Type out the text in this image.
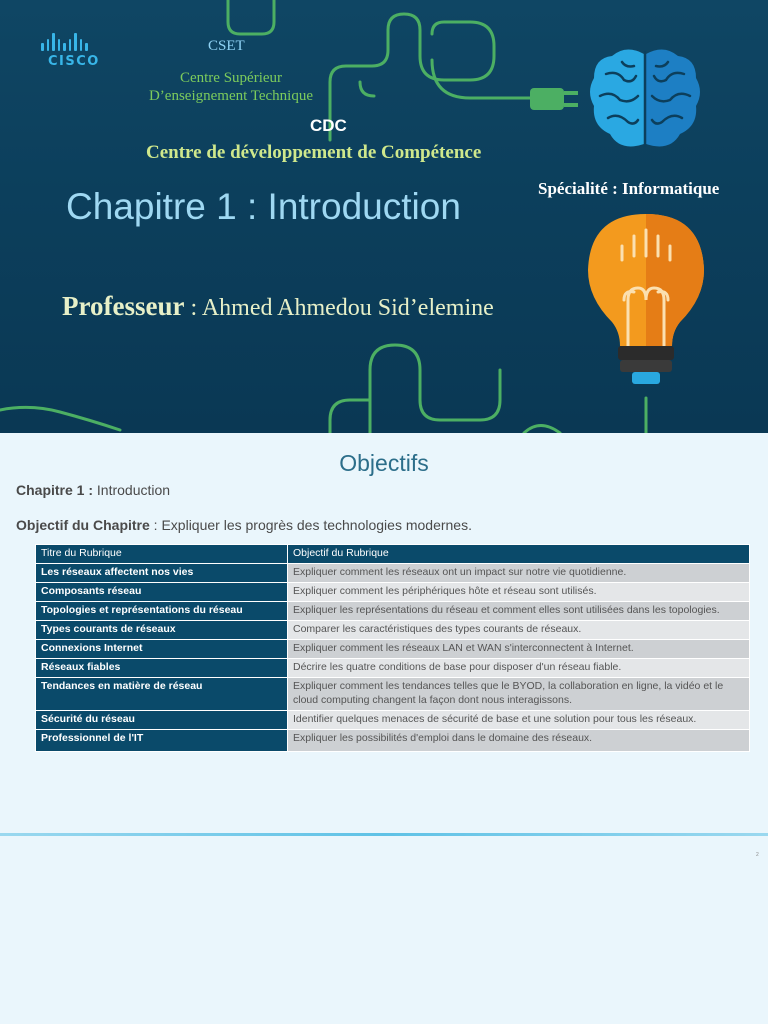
CISCO
CSET
Centre Supérieur
D’enseignement Technique
CDC
Centre de développement de Compétence
Spécialité : Informatique
Chapitre 1 : Introduction
Professeur : Ahmed Ahmedou Sid’elemine
Objectifs
Chapitre 1 : Introduction
Objectif du Chapitre : Expliquer les progrès des technologies modernes.
Titre du Rubrique	Objectif du Rubrique
Les réseaux affectent nos vies	Expliquer comment les réseaux ont un impact sur notre vie quotidienne.
Composants réseau	Expliquer comment les périphériques hôte et réseau sont utilisés.
Topologies et représentations du réseau	Expliquer les représentations du réseau et comment elles sont utilisées dans les topologies.
Types courants de réseaux	Comparer les caractéristiques des types courants de réseaux.
Connexions Internet	Expliquer comment les réseaux LAN et WAN s'interconnectent à Internet.
Réseaux fiables	Décrire les quatre conditions de base pour disposer d'un réseau fiable.
Tendances en matière de réseau	Expliquer comment les tendances telles que le BYOD, la collaboration en ligne, la vidéo et le cloud computing changent la façon dont nous interagissons.
Sécurité du réseau	Identifier quelques menaces de sécurité de base et une solution pour tous les réseaux.
Professionnel de l'IT	Expliquer les possibilités d'emploi dans le domaine des réseaux.
2
